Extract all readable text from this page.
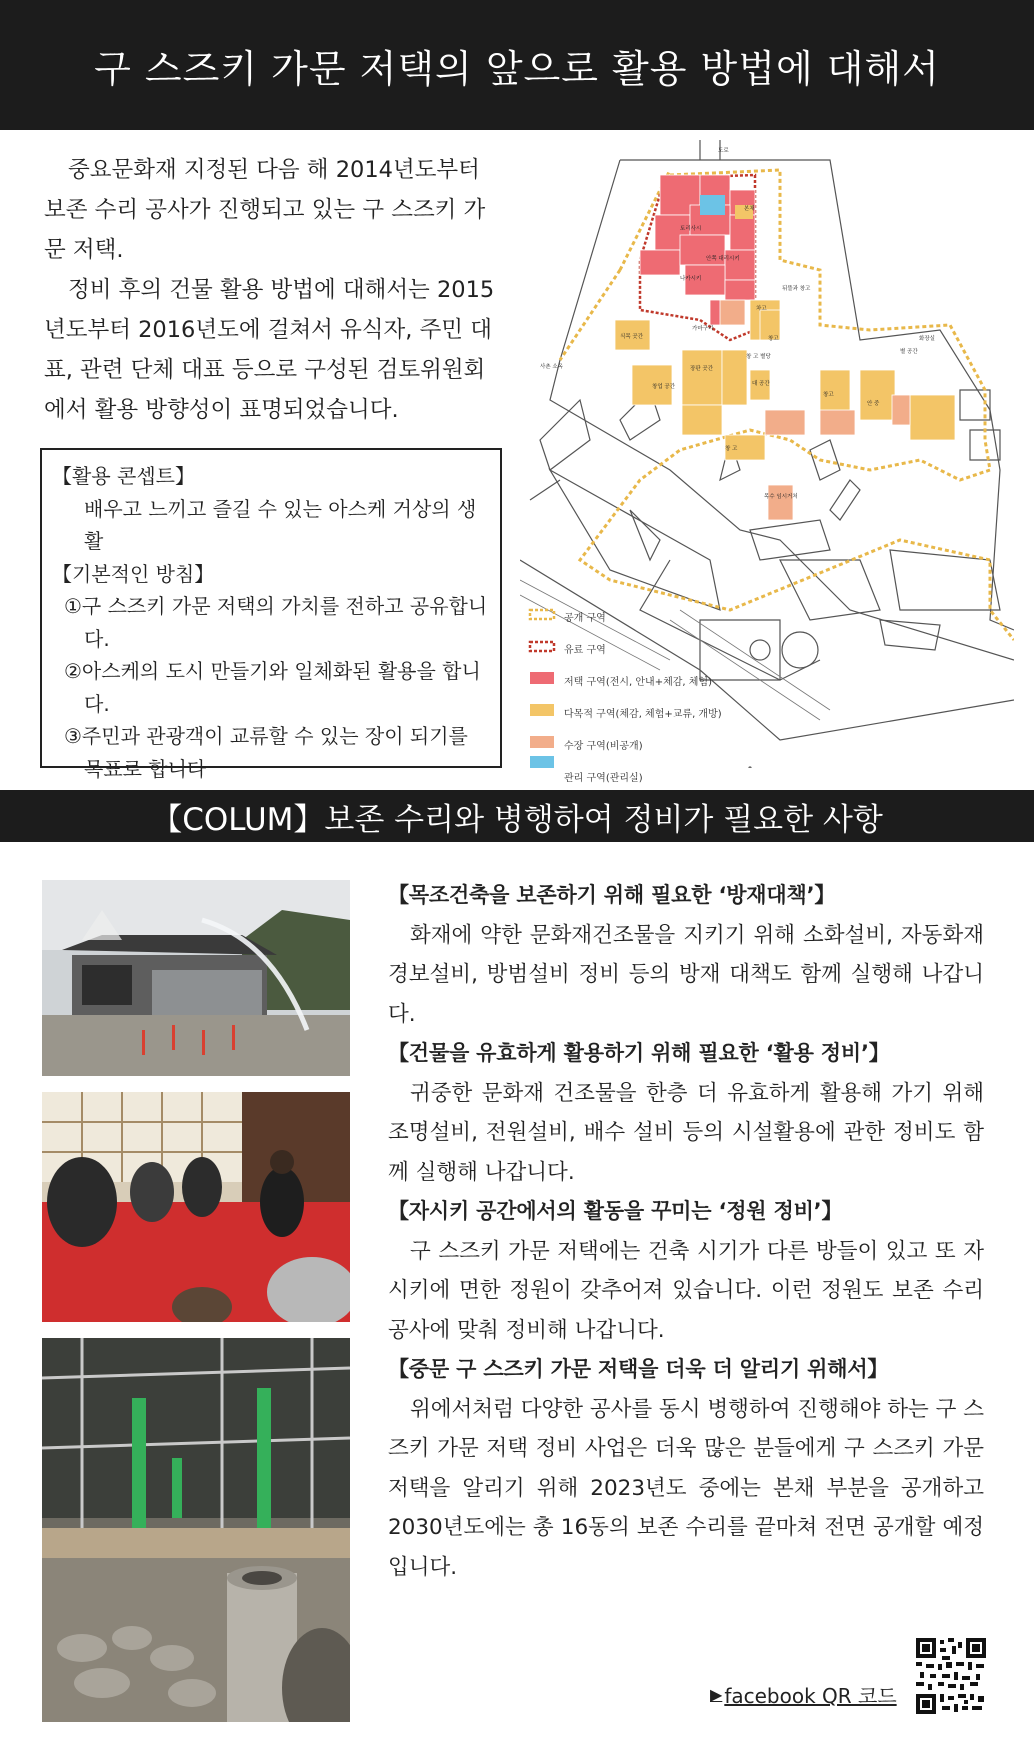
구 스즈키 가문 저택의 앞으로 활용 방법에 대해서

중요문화재 지정된 다음 해 2014년도부터 보존 수리 공사가 진행되고 있는 구 스즈키 가문 저택.

정비 후의 건물 활용 방법에 대해서는 2015년도부터 2016년도에 걸쳐서 유식자, 주민 대표, 관련 단체 대표 등으로 구성된 검토위원회에서 활용 방향성이 표명되었습니다.

【활용 콘셉트】
배우고 느끼고 즐길 수 있는 아스케 거상의 생활
【기본적인 방침】
①구 스즈키 가문 저택의 가치를 전하고 공유합니다.
②아스케의 도시 만들기와 일체화된 활용을 합니다.
③주민과 관광객이 교류할 수 있는 장이 되기를 목표로 합니다
도로
본채
토리사시
안쪽 대리시키
나카시키
가마구리
차고
창고
뒤뜰과 창고
창 고 별당
대 공간
화장실
별 공간
장판 곳간
창업 공간
창 고
안 중
창고
식목 곳간
목수 임시거처
사촌 소옥
공개 구역
유료 구역
저택 구역(전시, 안내+체감, 체험)
다목적 구역(체감, 체험+교류, 개방)
수장 구역(비공개)
관리 구역(관리실)
【COLUM】보존 수리와 병행하여 정비가 필요한 사항
【목조건축을 보존하기 위해 필요한 ‘방재대책’】

화재에 약한 문화재건조물을 지키기 위해 소화설비, 자동화재경보설비, 방범설비 정비 등의 방재 대책도 함께 실행해 나갑니다.

【건물을 유효하게 활용하기 위해 필요한 ‘활용 정비’】

귀중한 문화재 건조물을 한층 더 유효하게 활용해 가기 위해 조명설비, 전원설비, 배수 설비 등의 시설활용에 관한 정비도 함께 실행해 나갑니다.

【자시키 공간에서의 활동을 꾸미는 ‘정원 정비’】

구 스즈키 가문 저택에는 건축 시기가 다른 방들이 있고 또 자시키에 면한 정원이 갖추어져 있습니다. 이런 정원도 보존 수리 공사에 맞춰 정비해 나갑니다.

【중문 구 스즈키 가문 저택을 더욱 더 알리기 위해서】

위에서처럼 다양한 공사를 동시 병행하여 진행해야 하는 구 스즈키 가문 저택 정비 사업은 더욱 많은 분들에게 구 스즈키 가문 저택을 알리기 위해 2023년도 중에는 본채 부분을 공개하고 2030년도에는 총 16동의 보존 수리를 끝마쳐 전면 공개할 예정입니다.

▶ facebook QR 코드
